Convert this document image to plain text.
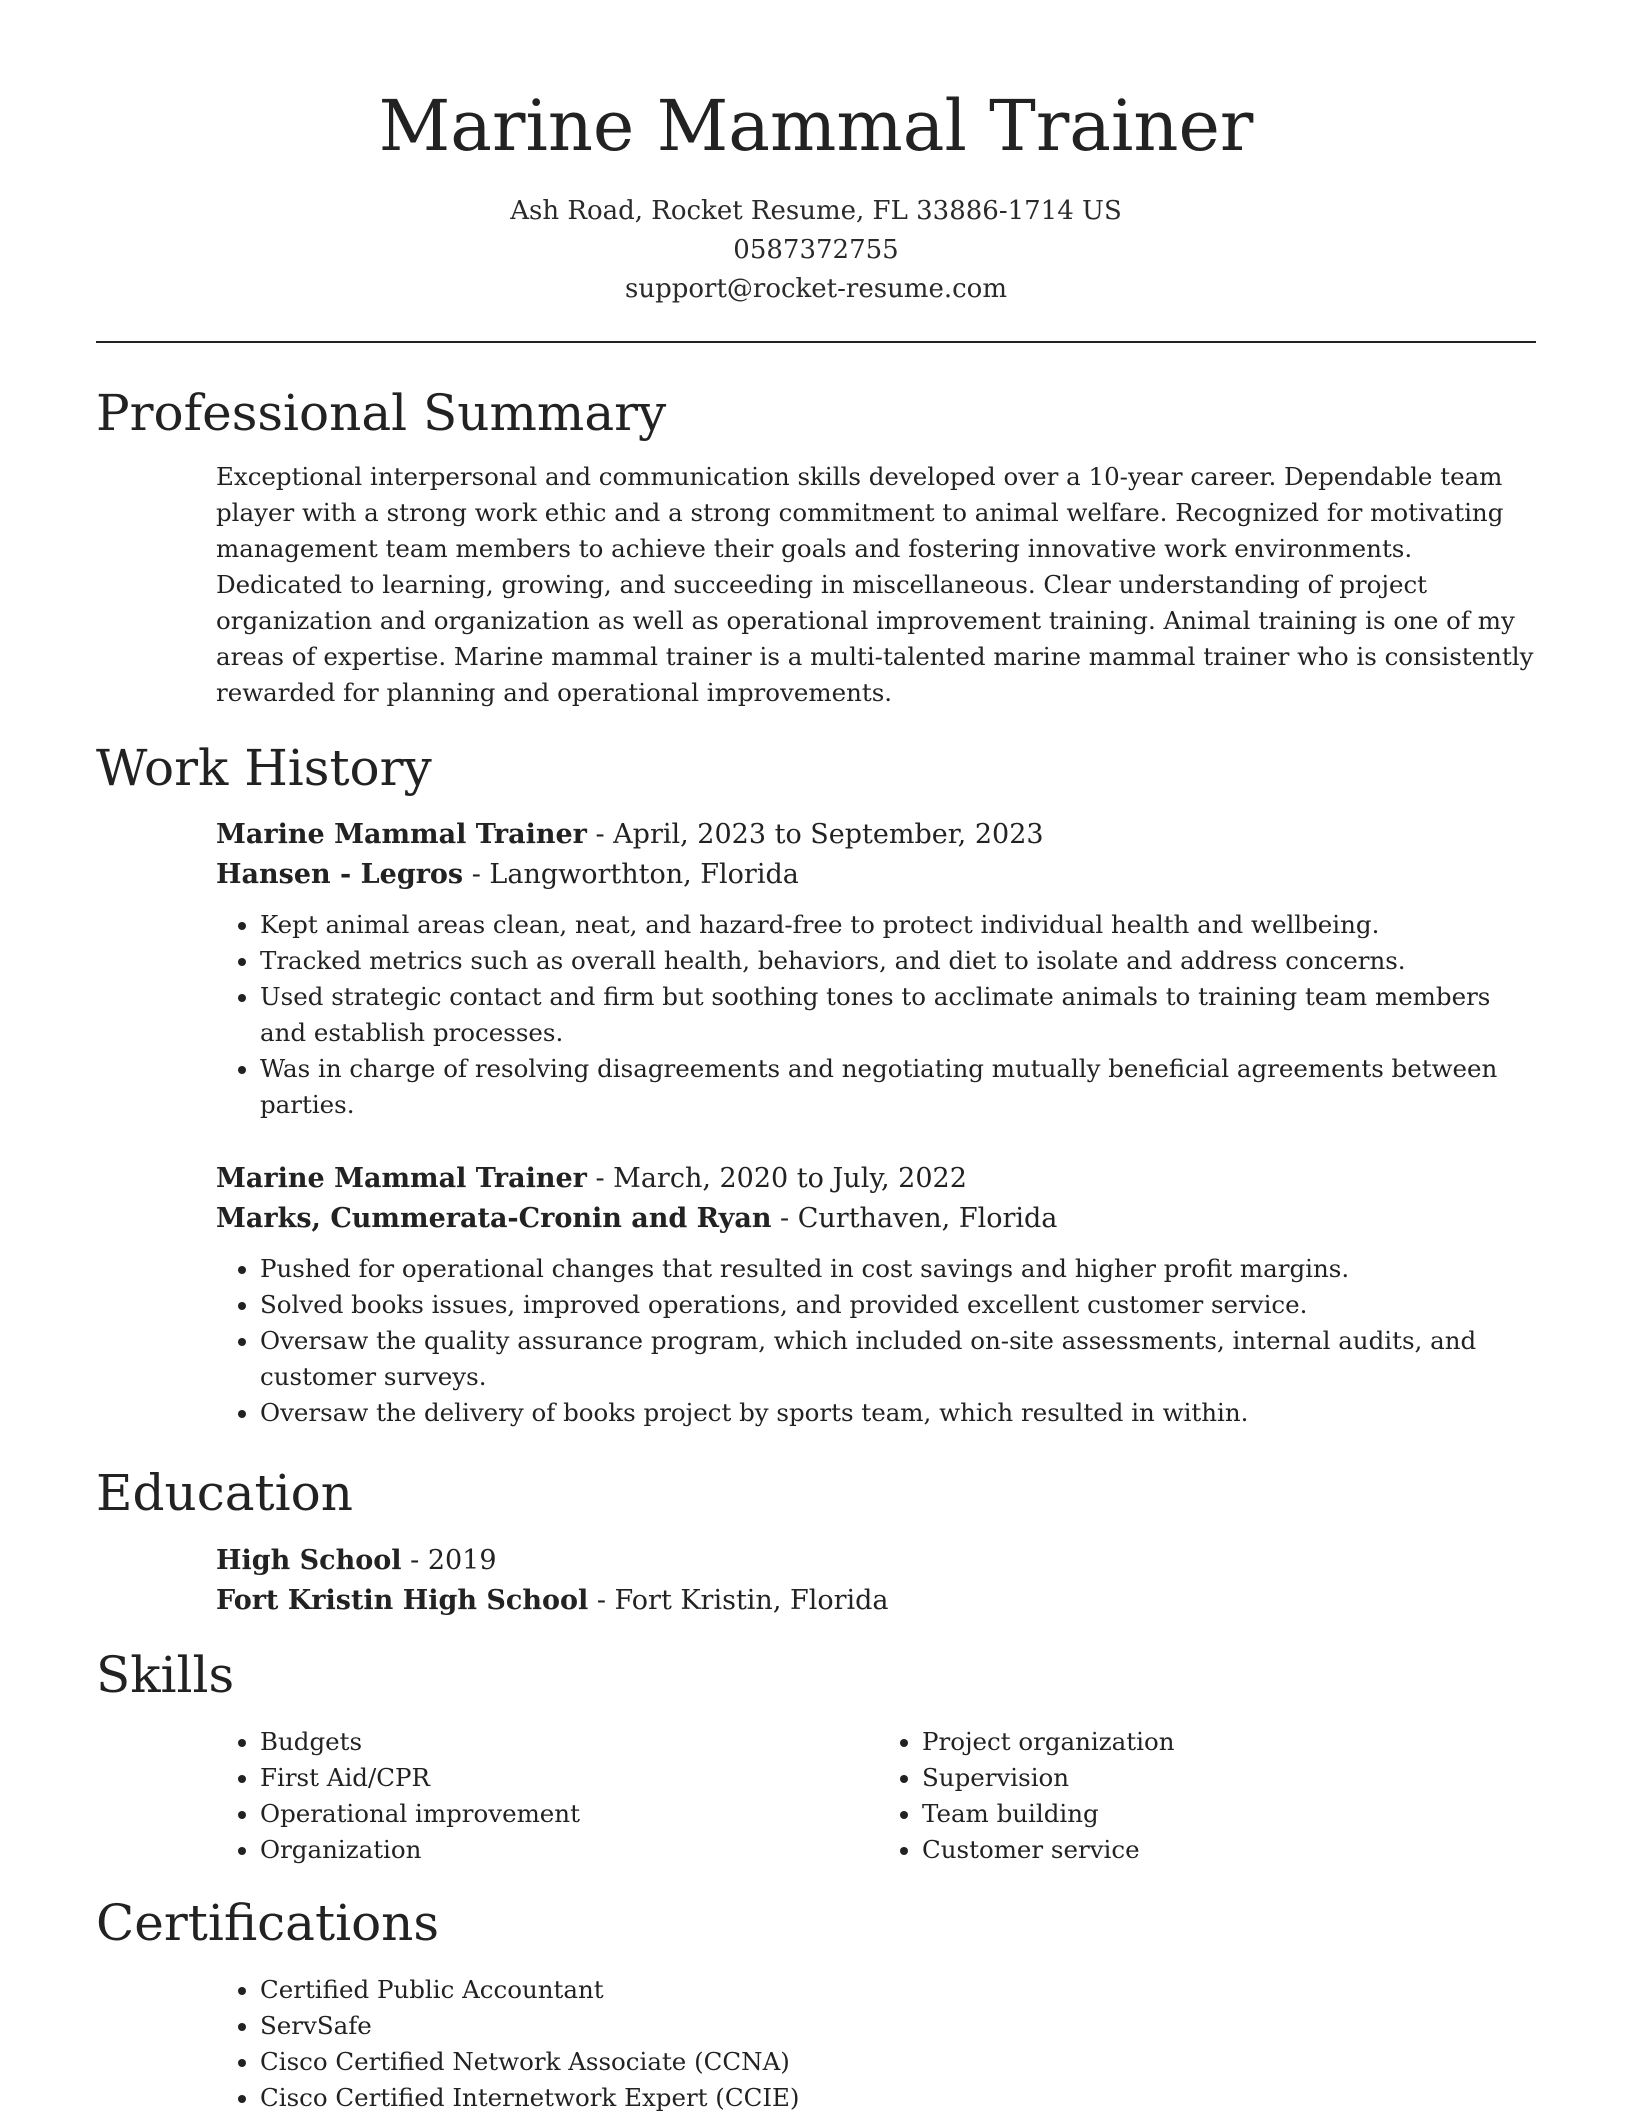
Marine Mammal Trainer
Ash Road, Rocket Resume, FL 33886-1714 US
0587372755
support@rocket-resume.com
Professional Summary

Exceptional interpersonal and communication skills developed over a 10-year career. Dependable team player with a strong work ethic and a strong commitment to animal welfare. Recognized for motivating management team members to achieve their goals and fostering innovative work environments. Dedicated to learning, growing, and succeeding in miscellaneous. Clear understanding of project organization and organization as well as operational improvement training. Animal training is one of my areas of expertise. Marine mammal trainer is a multi-talented marine mammal trainer who is consistently rewarded for planning and operational improvements.

Work History
Marine Mammal Trainer - April, 2023 to September, 2023
Hansen - Legros - Langworthton, Florida
• Kept animal areas clean, neat, and hazard-free to protect individual health and wellbeing.
• Tracked metrics such as overall health, behaviors, and diet to isolate and address concerns.
• Used strategic contact and firm but soothing tones to acclimate animals to training team members and establish processes.
• Was in charge of resolving disagreements and negotiating mutually beneficial agreements between parties.
Marine Mammal Trainer - March, 2020 to July, 2022
Marks, Cummerata-Cronin and Ryan - Curthaven, Florida
• Pushed for operational changes that resulted in cost savings and higher profit margins.
• Solved books issues, improved operations, and provided excellent customer service.
• Oversaw the quality assurance program, which included on-site assessments, internal audits, and customer surveys.
• Oversaw the delivery of books project by sports team, which resulted in within.
Education
High School - 2019
Fort Kristin High School - Fort Kristin, Florida
Skills
• Budgets
• First Aid/CPR
• Operational improvement
• Organization
• Project organization
• Supervision
• Team building
• Customer service
Certifications
• Certified Public Accountant
• ServSafe
• Cisco Certified Network Associate (CCNA)
• Cisco Certified Internetwork Expert (CCIE)
